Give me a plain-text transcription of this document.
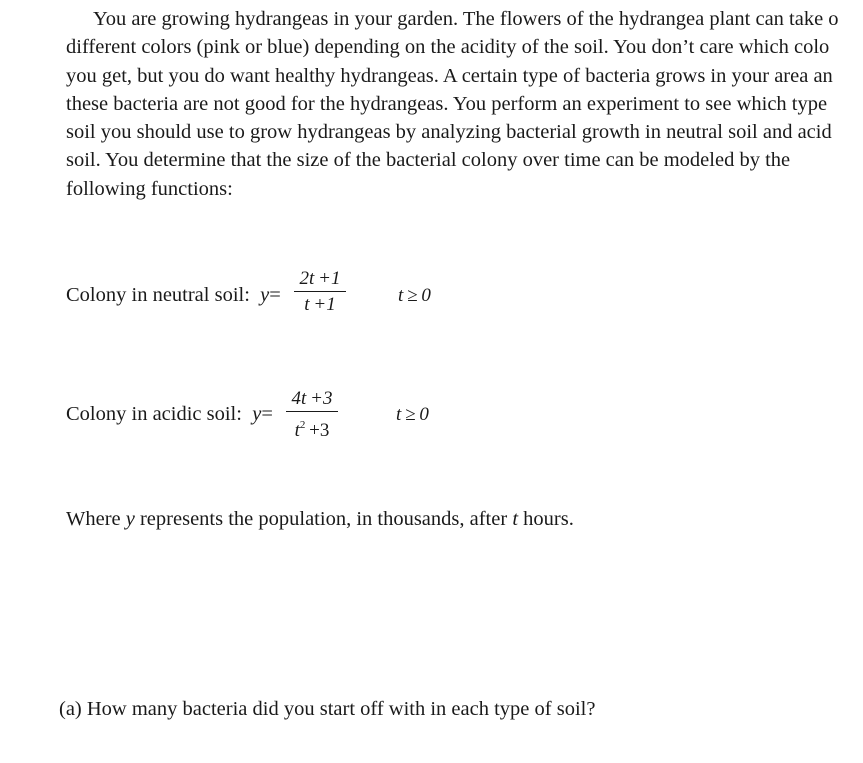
You are growing hydrangeas in your garden. The flowers of the hydrangea plant can take o
different colors (pink or blue) depending on the acidity of the soil. You don’t care which colo
you get, but you do want healthy hydrangeas. A certain type of bacteria grows in your area an
these bacteria are not good for the hydrangeas. You perform an experiment to see which type
soil you should use to grow hydrangeas by analyzing bacterial growth in neutral soil and acid
soil. You determine that the size of the bacterial colony over time can be modeled by the
following functions:
Colony in neutral soil: y=
2t +1
t +1	t ≥ 0
Colony in acidic soil: y=
4t +3
$t^2 +3$
t ≥ 0
Where y represents the population, in thousands, after t hours.
(a) How many bacteria did you start off with in each type of soil?
